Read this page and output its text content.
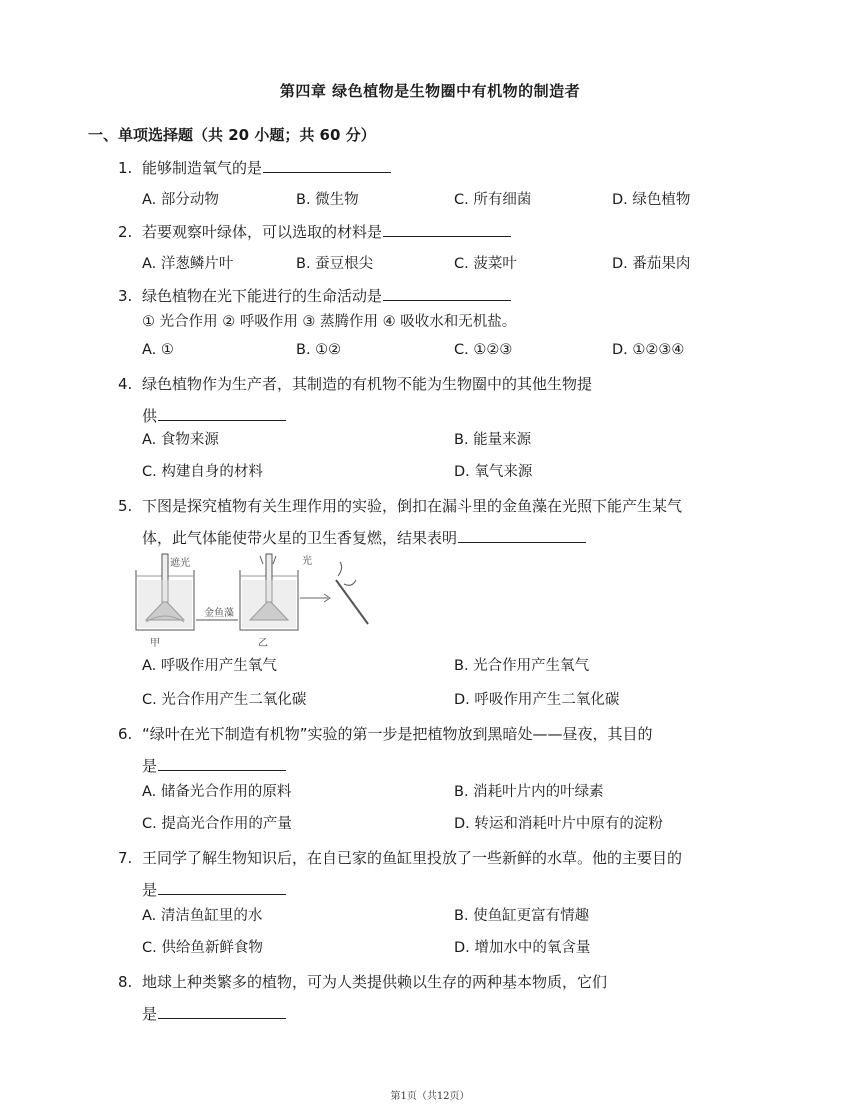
第四章 绿色植物是生物圈中有机物的制造者
一、单项选择题（共 20 小题；共 60 分）
1. 能够制造氧气的是
A. 部分动物	B. 微生物	C. 所有细菌	D. 绿色植物
2. 若要观察叶绿体，可以选取的材料是
A. 洋葱鳞片叶	B. 蚕豆根尖	C. 菠菜叶	D. 番茄果肉
3. 绿色植物在光下能进行的生命活动是
① 光合作用 ② 呼吸作用 ③ 蒸腾作用 ④ 吸收水和无机盐。
A. ①	B. ①②	C. ①②③	D. ①②③④
4. 绿色植物作为生产者，其制造的有机物不能为生物圈中的其他生物提
供
A. 食物来源	B. 能量来源
C. 构建自身的材料	D. 氧气来源
5. 下图是探究植物有关生理作用的实验，倒扣在漏斗里的金鱼藻在光照下能产生某气
体，此气体能使带火星的卫生香复燃，结果表明
遮光
甲
金鱼藻
光
乙
A. 呼吸作用产生氧气	B. 光合作用产生氧气
C. 光合作用产生二氧化碳	D. 呼吸作用产生二氧化碳
6. “绿叶在光下制造有机物”实验的第一步是把植物放到黑暗处——昼夜，其目的
是
A. 储备光合作用的原料	B. 消耗叶片内的叶绿素
C. 提高光合作用的产量	D. 转运和消耗叶片中原有的淀粉
7. 王同学了解生物知识后，在自已家的鱼缸里投放了一些新鲜的水草。他的主要目的
是
A. 清洁鱼缸里的水	B. 使鱼缸更富有情趣
C. 供给鱼新鲜食物	D. 增加水中的氧含量
8. 地球上种类繁多的植物，可为人类提供赖以生存的两种基本物质，它们
是
第1页（共12页）
